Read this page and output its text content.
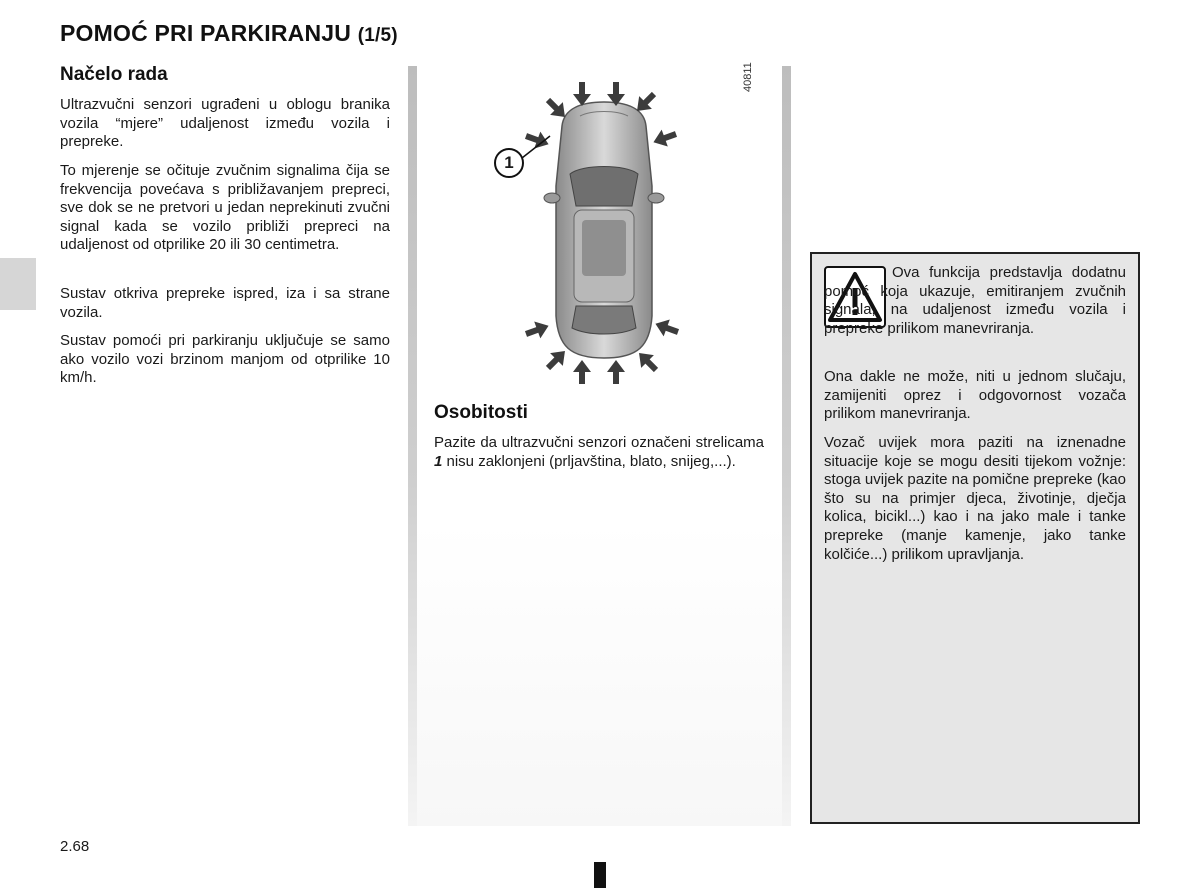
POMOĆ PRI PARKIRANJU (1/5)
Načelo rada

Ultrazvučni senzori ugrađeni u oblogu branika vozila “mjere” udaljenost između vozila i prepreke.

To mjerenje se očituje zvučnim signalima čija se frekvencija povećava s približavanjem prepreci, sve dok se ne pretvori u jedan neprekinuti zvučni signal kada se vozilo približi prepreci na udaljenost od otprilike 20 ili 30 centimetra.

Sustav otkriva prepreke ispred, iza i sa strane vozila.

Sustav pomoći pri parkiranju uključuje se samo ako vozilo vozi brzinom manjom od otprilike 10 km/h.

40811
1
Osobitosti

Pazite da ultrazvučni senzori označeni strelicama 1 nisu zaklonjeni (prljavština, blato, snijeg,...).

Ova funkcija predstavlja dodatnu pomoć koja ukazuje, emitiranjem zvučnih signala, na udaljenost između vozila i prepreke prilikom manevriranja.

Ona dakle ne može, niti u jednom slučaju, zamijeniti oprez i odgovornost vozača prilikom manevriranja.

Vozač uvijek mora paziti na iznenadne situacije koje se mogu desiti tijekom vožnje: stoga uvijek pazite na pomične prepreke (kao što su na primjer djeca, životinje, dječja kolica, bicikl...) kao i na jako male i tanke prepreke (manje kamenje, jako tanke kolčiće...) prilikom upravljanja.

2.68
